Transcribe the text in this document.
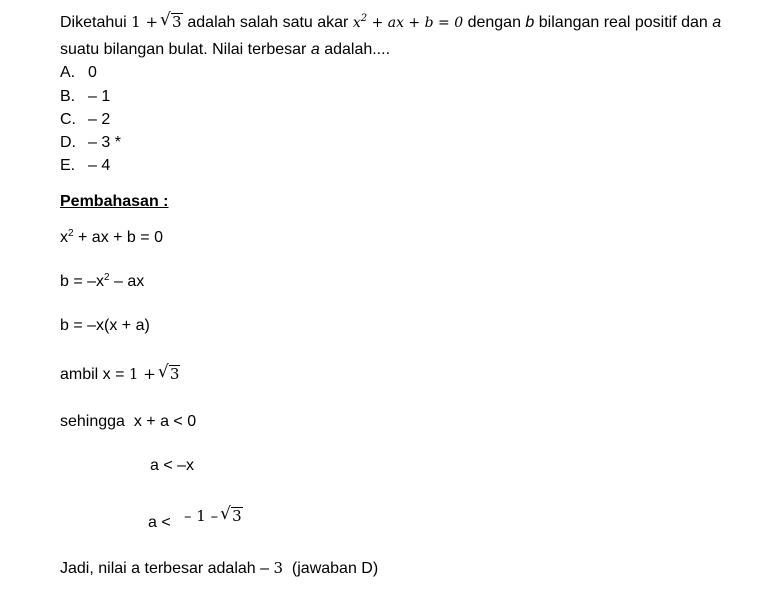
Diketahui 1 + √ 3 adalah salah satu akar $x^2$ + ax + b = 0 dengan b bilangan real positif dan a
suatu bilangan bulat. Nilai terbesar a adalah....
A. 0
B. – 1
C. – 2
D. – 3 *
E. – 4
Pembahasan :
$x^2$ + ax + b = 0
$b = -x^2$ – ax
b = –x(x + a)
ambil x = 1 + √ 3
sehingga x + a < 0
a < –x
a < – 1 – √ 3
Jadi, nilai a terbesar adalah – 3 (jawaban D)
